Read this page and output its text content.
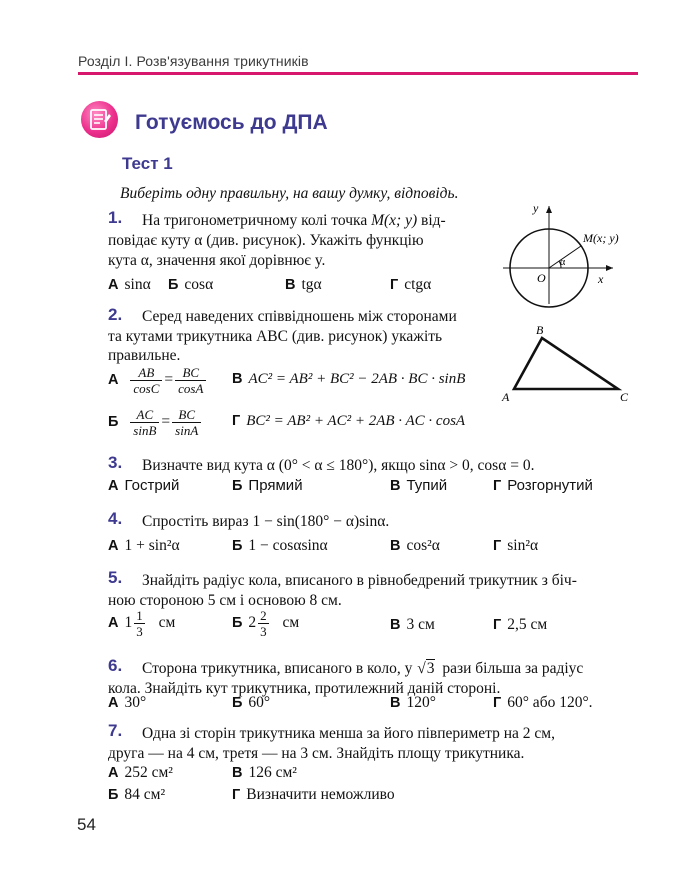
Розділ І. Розв'язування трикутників
Готуємось до ДПА
Тест 1
Виберіть одну правильну, на вашу думку, відповідь.
1. На тригонометричному колі точка M(x; y) від-
повідає куту α (див. рисунок). Укажіть функцію
кута α, значення якої дорівнює y.
А sinα Б cosα	В tgα	Г ctgα
y
x
O
M(x; y)
α
2. Серед наведених співвідношень між сторонами
та кутами трикутника ABC (див. рисунок) укажіть
правильне.
А $\frac{AB}{\cos C} = \frac{BC}{\cos A}$ В AC² = AB² + BC² − 2AB · BC · sinB
Б $\frac{AC}{\sin B} = \frac{BC}{\sin A}$ Г BC² = AB² + AC² + 2AB · AC · cosA
A
B
C
3. Визначте вид кута α (0° < α ≤ 180°), якщо sinα > 0, cosα = 0.
А Гострий	Б Прямий	В Тупий	Г Розгорнутий
4. Спростіть вираз 1 − sin(180° − α)sinα.
А 1 + sin²α	Б 1 − cosαsinα	В cos²α	Г sin²α
5. Знайдіть радіус кола, вписаного в рівнобедрений трикутник з біч-
ною стороною 5 см і основою 8 см.
А $1 \frac{1}{3}$ см	Б $2 \frac{2}{3}$ см	В 3 см	Г 2,5 см
6. Сторона трикутника, вписаного в коло, у √3 рази більша за радіус
кола. Знайдіть кут трикутника, протилежний даній стороні.
А 30°	Б 60°	В 120°	Г 60° або 120°.
7. Одна зі сторін трикутника менша за його півпериметр на 2 см,
друга — на 4 см, третя — на 3 см. Знайдіть площу трикутника.
А 252 см²	В 126 см²
Б 84 см²	Г Визначити неможливо
54
